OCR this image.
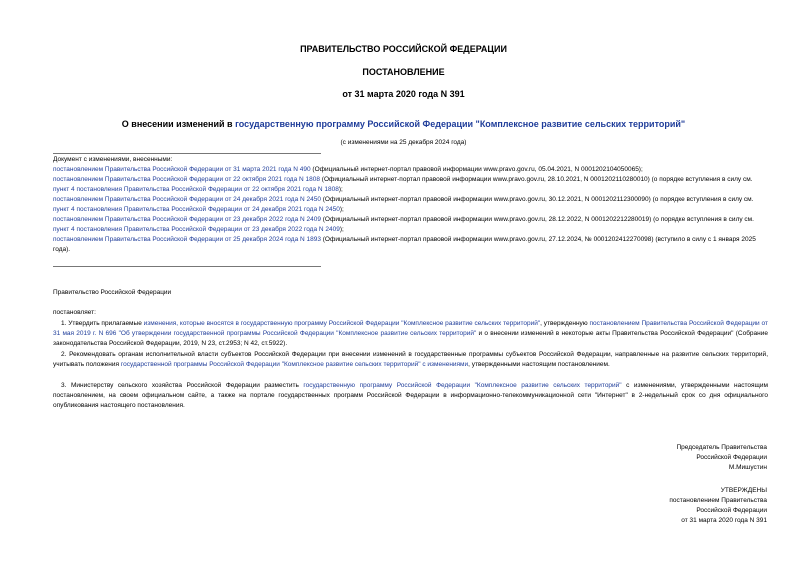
ПРАВИТЕЛЬСТВО РОССИЙСКОЙ ФЕДЕРАЦИИ
ПОСТАНОВЛЕНИЕ
от 31 марта 2020 года N 391
О внесении изменений в государственную программу Российской Федерации "Комплексное развитие сельских территорий"
(с изменениями на 25 декабря 2024 года)
Документ с изменениями, внесенными:
постановлением Правительства Российской Федерации от 31 марта 2021 года N 490 (Официальный интернет-портал правовой информации www.pravo.gov.ru, 05.04.2021, N 0001202104050065);
постановлением Правительства Российской Федерации от 22 октября 2021 года N 1808 (Официальный интернет-портал правовой информации www.pravo.gov.ru, 28.10.2021, N 0001202110280010) (о порядке вступления в силу см. пункт 4 постановления Правительства Российской Федерации от 22 октября 2021 года N 1808);
постановлением Правительства Российской Федерации от 24 декабря 2021 года N 2450 (Официальный интернет-портал правовой информации www.pravo.gov.ru, 30.12.2021, N 0001202112300090) (о порядке вступления в силу см. пункт 4 постановления Правительства Российской Федерации от 24 декабря 2021 года N 2450);
постановлением Правительства Российской Федерации от 23 декабря 2022 года N 2409 (Официальный интернет-портал правовой информации www.pravo.gov.ru, 28.12.2022, N 0001202212280019) (о порядке вступления в силу см. пункт 4 постановления Правительства Российской Федерации от 23 декабря 2022 года N 2409);
постановлением Правительства Российской Федерации от 25 декабря 2024 года N 1893 (Официальный интернет-портал правовой информации www.pravo.gov.ru, 27.12.2024, № 0001202412270098) (вступило в силу с 1 января 2025 года).
Правительство Российской Федерации
постановляет:
1. Утвердить прилагаемые изменения, которые вносятся в государственную программу Российской Федерации "Комплексное развитие сельских территорий", утвержденную постановлением Правительства Российской Федерации от 31 мая 2019 г. N 696 "Об утверждении государственной программы Российской Федерации "Комплексное развитие сельских территорий" и о внесении изменений в некоторые акты Правительства Российской Федерации" (Собрание законодательства Российской Федерации, 2019, N 23, ст.2953; N 42, ст.5922).
2. Рекомендовать органам исполнительной власти субъектов Российской Федерации при внесении изменений в государственные программы субъектов Российской Федерации, направленные на развитие сельских территорий, учитывать положения государственной программы Российской Федерации "Комплексное развитие сельских территорий" с изменениями, утвержденными настоящим постановлением.
3. Министерству сельского хозяйства Российской Федерации разместить государственную программу Российской Федерации "Комплексное развитие сельских территорий" с изменениями, утвержденными настоящим постановлением, на своем официальном сайте, а также на портале государственных программ Российской Федерации в информационно-телекоммуникационной сети "Интернет" в 2-недельный срок со дня официального опубликования настоящего постановления.
Председатель Правительства
Российской Федерации
М.Мишустин
УТВЕРЖДЕНЫ
постановлением Правительства
Российской Федерации
от 31 марта 2020 года N 391
